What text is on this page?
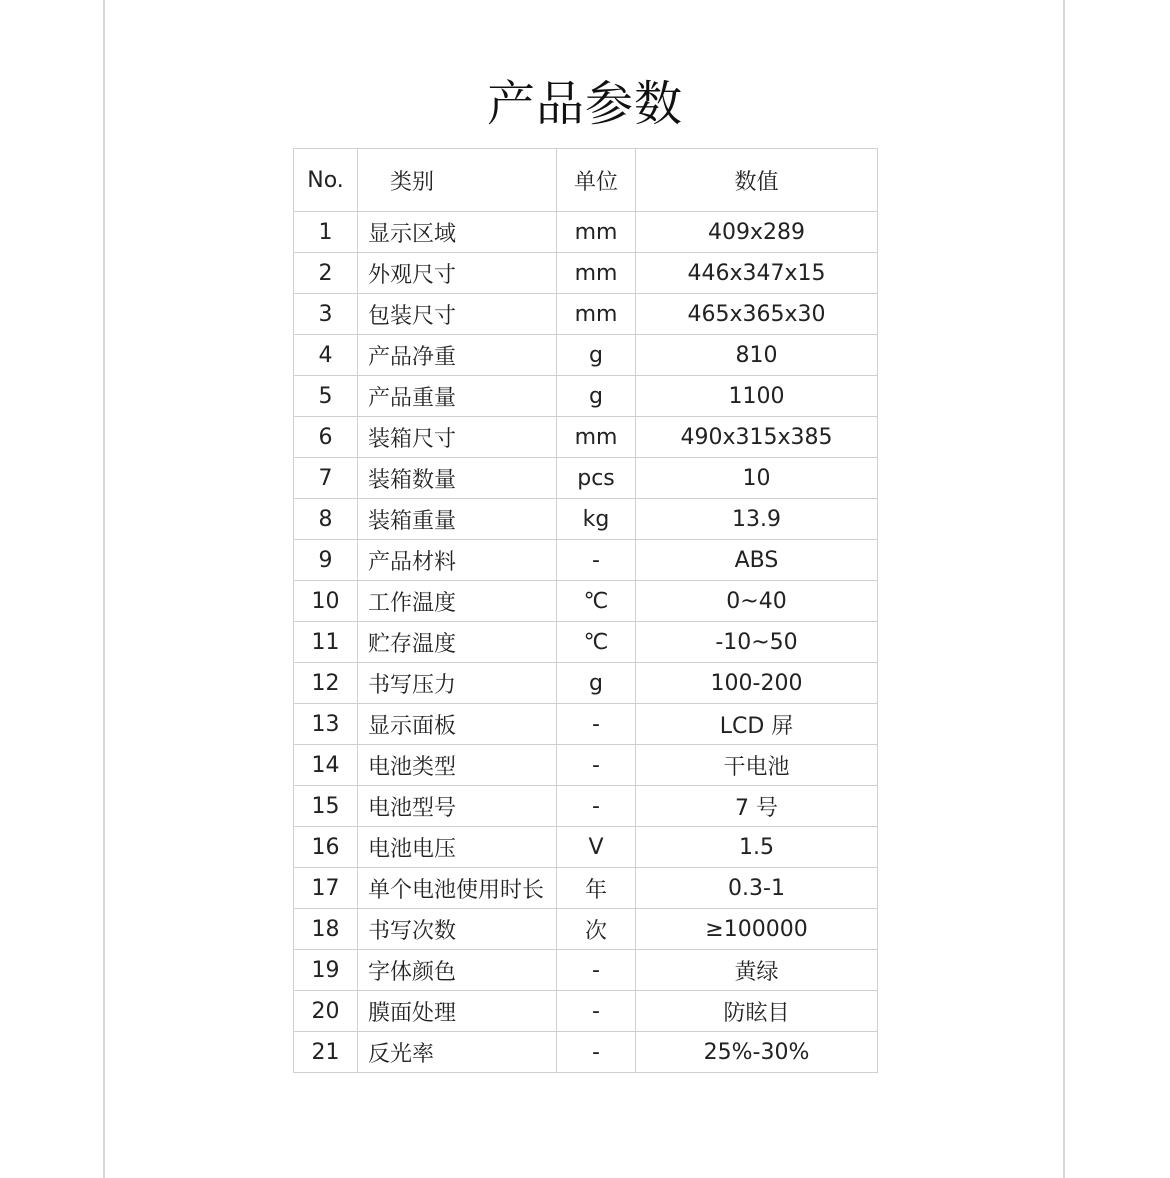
产品参数
No.	类别	单位	数值
1	显示区域	mm	409x289
2	外观尺寸	mm	446x347x15
3	包装尺寸	mm	465x365x30
4	产品净重	g	810
5	产品重量	g	1100
6	装箱尺寸	mm	490x315x385
7	装箱数量	pcs	10
8	装箱重量	kg	13.9
9	产品材料	-	ABS
10	工作温度	℃	0~40
11	贮存温度	℃	-10~50
12	书写压力	g	100-200
13	显示面板	-	LCD 屏
14	电池类型	-	干电池
15	电池型号	-	7 号
16	电池电压	V	1.5
17	单个电池使用时长	年	0.3-1
18	书写次数	次	≥100000
19	字体颜色	-	黄绿
20	膜面处理	-	防眩目
21	反光率	-	25%-30%
